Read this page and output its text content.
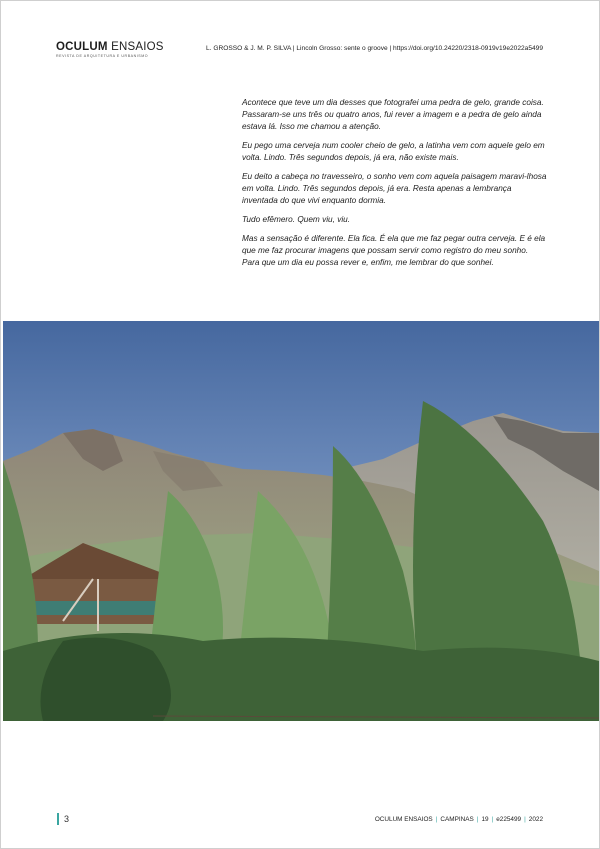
OCULUM ENSAIOS
REVISTA DE ARQUITETURA E URBANISMO
L. GROSSO & J. M. P. SILVA | Lincoln Grosso: sente o groove | https://doi.org/10.24220/2318-0919v19e2022a5499

Acontece que teve um dia desses que fotografei uma pedra de gelo, grande coisa. Passaram-se uns três ou quatro anos, fui rever a imagem e a pedra de gelo ainda estava lá. Isso me chamou a atenção.

Eu pego uma cerveja num cooler cheio de gelo, a latinha vem com aquele gelo em volta. Lindo. Três segundos depois, já era, não existe mais.

Eu deito a cabeça no travesseiro, o sonho vem com aquela paisagem maravi-lhosa em volta. Lindo. Três segundos depois, já era. Resta apenas a lembrança inventada do que vivi enquanto dormia.

Tudo efêmero. Quem viu, viu.

Mas a sensação é diferente. Ela fica. É ela que me faz pegar outra cerveja. E é ela que me faz procurar imagens que possam servir como registro do meu sonho. Para que um dia eu possa rever e, enfim, me lembrar do que sonhei.

3	OCULUM ENSAIOS | CAMPINAS | 19 | e225499 | 2022
